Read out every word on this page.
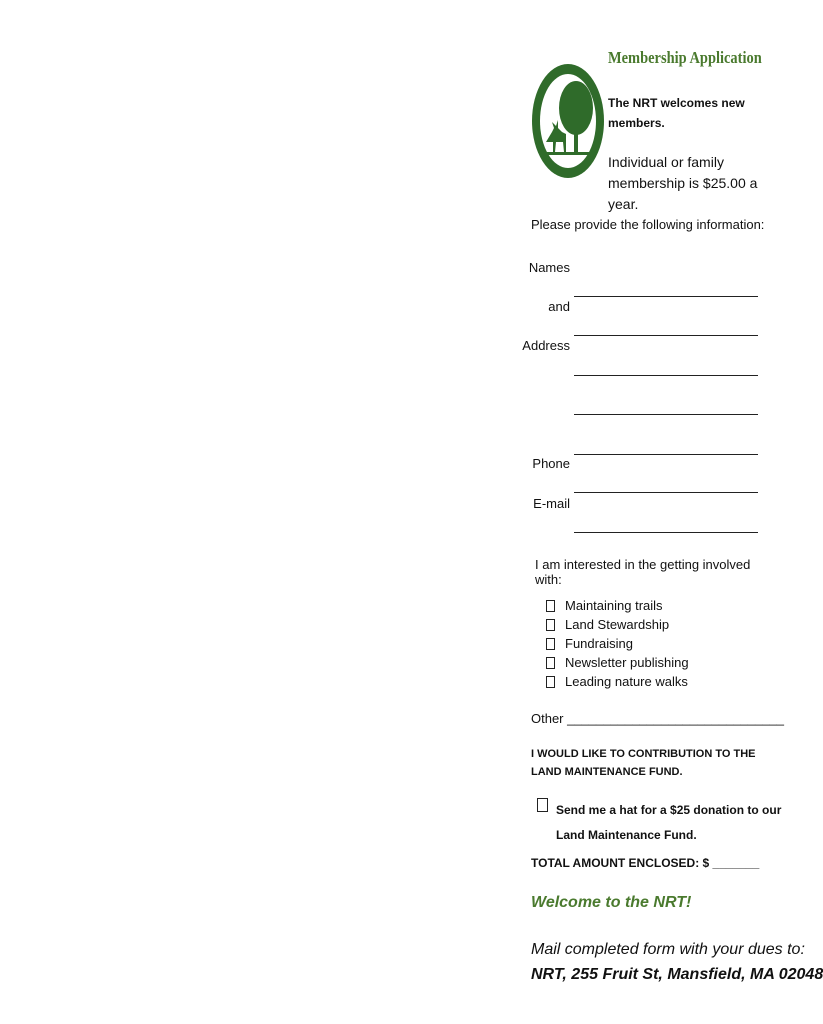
Membership Application
The NRT welcomes new members.
Individual or family membership is $25.00 a year.
Please provide the following information:
Names
and
Address
Phone
E-mail
I am interested in the getting involved with:
Maintaining trails
Land Stewardship
Fundraising
Newsletter publishing
Leading nature walks
Other ______________________________
I WOULD LIKE TO CONTRIBUTION TO THE LAND MAINTENANCE FUND.
Send me a hat for a $25 donation to our
Land Maintenance Fund.
TOTAL AMOUNT ENCLOSED: $ _______
Welcome to the NRT!
Mail completed form with your dues to:
NRT, 255 Fruit St, Mansfield, MA 02048
